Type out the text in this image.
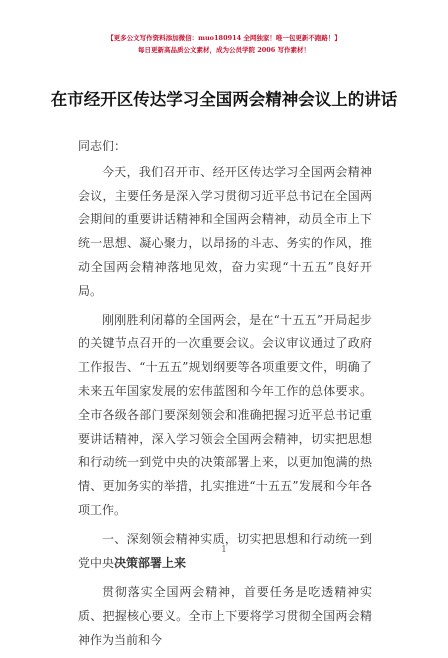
【更多公文写作资料添加微信：muo180914 全网独家！唯一包更新不跑路！】
每日更新高品质公文素材，成为公员学院 2006 写作素材！
在市经开区传达学习全国两会精神会议上的讲话

同志们：

今天，我们召开市、经开区传达学习全国两会精神会议，主要任务是深入学习贯彻习近平总书记在全国两会期间的重要讲话精神和全国两会精神，动员全市上下统一思想、凝心聚力，以昂扬的斗志、务实的作风，推动全国两会精神落地见效，奋力实现“十五五”良好开局。

刚刚胜利闭幕的全国两会，是在“十五五”开局起步的关键节点召开的一次重要会议。会议审议通过了政府工作报告、“十五五”规划纲要等各项重要文件，明确了未来五年国家发展的宏伟蓝图和今年工作的总体要求。全市各级各部门要深刻领会和准确把握习近平总书记重要讲话精神，深入学习领会全国两会精神，切实把思想和行动统一到党中央的决策部署上来，以更加饱满的热情、更加务实的举措，扎实推进“十五五”发展和今年各项工作。

一、深刻领会精神实质，切实把思想和行动统一到党中央决策部署上来

贯彻落实全国两会精神，首要任务是吃透精神实质、把握核心要义。全市上下要将学习贯彻全国两会精神作为当前和今

1
